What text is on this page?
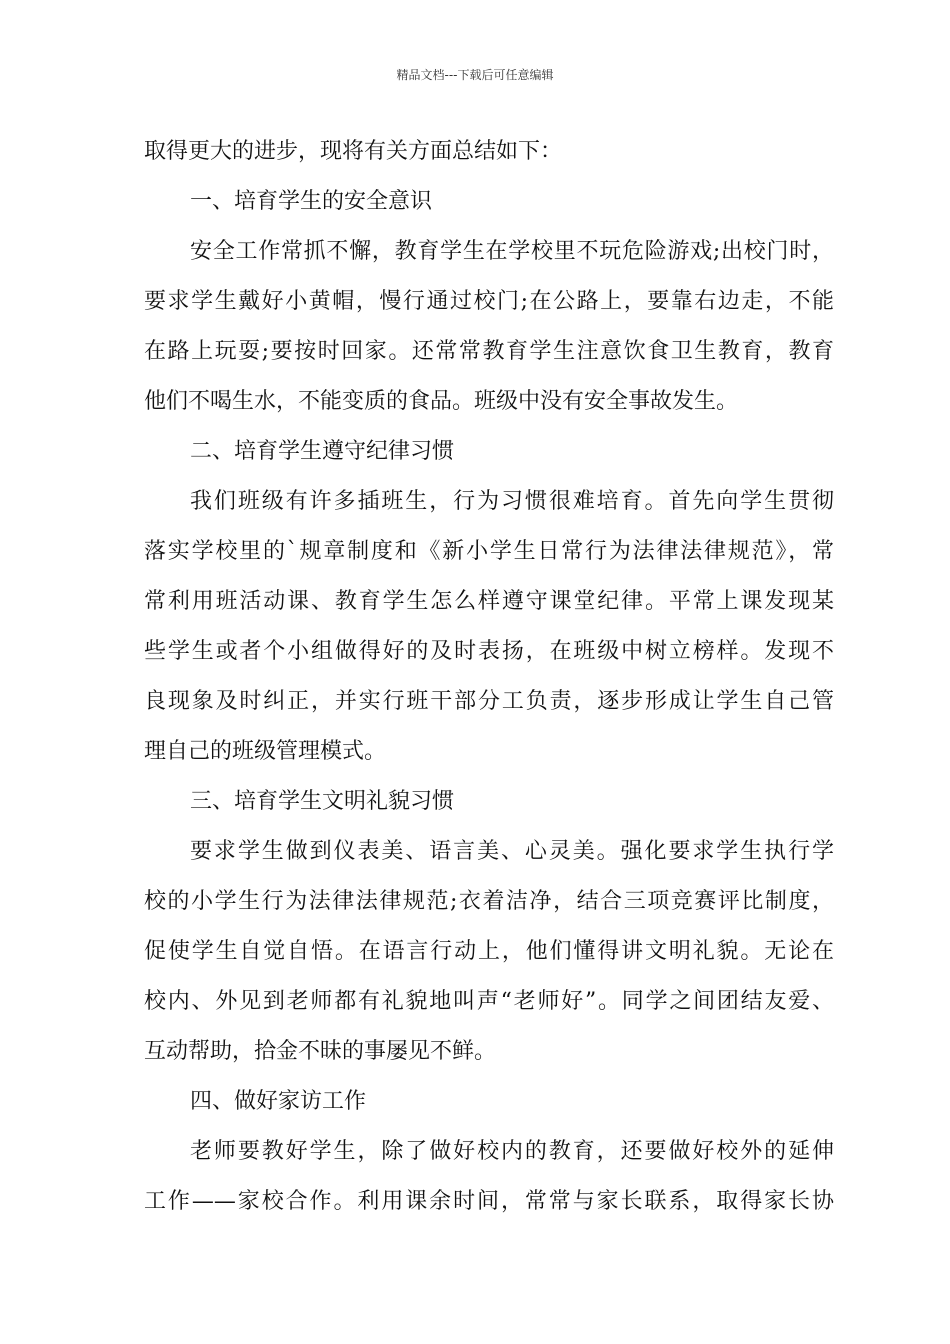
精品文档---下载后可任意编辑
取得更大的进步，现将有关方面总结如下：
一、培育学生的安全意识
安全工作常抓不懈，教育学生在学校里不玩危险游戏;出校门时，
要求学生戴好小黄帽，慢行通过校门;在公路上，要靠右边走，不能
在路上玩耍;要按时回家。还常常教育学生注意饮食卫生教育，教育
他们不喝生水，不能变质的食品。班级中没有安全事故发生。
二、培育学生遵守纪律习惯
我们班级有许多插班生，行为习惯很难培育。首先向学生贯彻
落实学校里的`规章制度和《新小学生日常行为法律法律规范》，常
常利用班活动课、教育学生怎么样遵守课堂纪律。平常上课发现某
些学生或者个小组做得好的及时表扬，在班级中树立榜样。发现不
良现象及时纠正，并实行班干部分工负责，逐步形成让学生自己管
理自己的班级管理模式。
三、培育学生文明礼貌习惯
要求学生做到仪表美、语言美、心灵美。强化要求学生执行学
校的小学生行为法律法律规范;衣着洁净，结合三项竞赛评比制度，
促使学生自觉自悟。在语言行动上，他们懂得讲文明礼貌。无论在
校内、外见到老师都有礼貌地叫声“老师好”。同学之间团结友爱、
互动帮助，拾金不昧的事屡见不鲜。
四、做好家访工作
老师要教好学生，除了做好校内的教育，还要做好校外的延伸
工作——家校合作。利用课余时间，常常与家长联系，取得家长协
